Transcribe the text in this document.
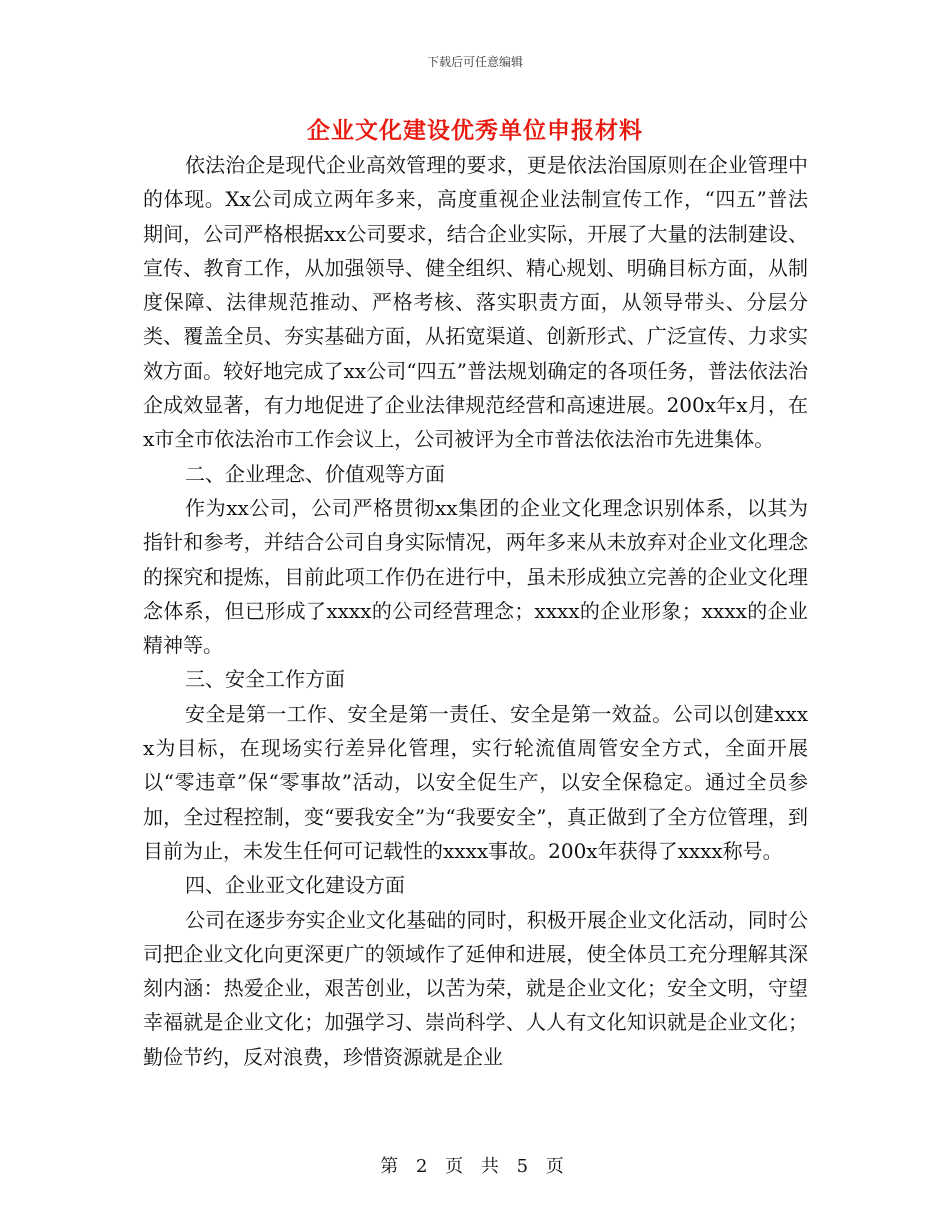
下载后可任意编辑
企业文化建设优秀单位申报材料

依法治企是现代企业高效管理的要求，更是依法治国原则在企业管理中的体现。Xx公司成立两年多来，高度重视企业法制宣传工作，“四五”普法期间，公司严格根据xx公司要求，结合企业实际，开展了大量的法制建设、宣传、教育工作，从加强领导、健全组织、精心规划、明确目标方面，从制度保障、法律规范推动、严格考核、落实职责方面，从领导带头、分层分类、覆盖全员、夯实基础方面，从拓宽渠道、创新形式、广泛宣传、力求实效方面。较好地完成了xx公司“四五”普法规划确定的各项任务，普法依法治企成效显著，有力地促进了企业法律规范经营和高速进展。200x年x月，在x市全市依法治市工作会议上，公司被评为全市普法依法治市先进集体。

二、企业理念、价值观等方面

作为xx公司，公司严格贯彻xx集团的企业文化理念识别体系，以其为指针和参考，并结合公司自身实际情况，两年多来从未放弃对企业文化理念的探究和提炼，目前此项工作仍在进行中，虽未形成独立完善的企业文化理念体系，但已形成了xxxx的公司经营理念；xxxx的企业形象；xxxx的企业精神等。

三、安全工作方面

安全是第一工作、安全是第一责任、安全是第一效益。公司以创建xxxx为目标，在现场实行差异化管理，实行轮流值周管安全方式，全面开展以“零违章”保“零事故”活动，以安全促生产，以安全保稳定。通过全员参加，全过程控制，变“要我安全”为“我要安全”，真正做到了全方位管理，到目前为止，未发生任何可记载性的xxxx事故。200x年获得了xxxx称号。

四、企业亚文化建设方面

公司在逐步夯实企业文化基础的同时，积极开展企业文化活动，同时公司把企业文化向更深更广的领域作了延伸和进展，使全体员工充分理解其深刻内涵：热爱企业，艰苦创业，以苦为荣，就是企业文化；安全文明，守望幸福就是企业文化；加强学习、崇尚科学、人人有文化知识就是企业文化；勤俭节约，反对浪费，珍惜资源就是企业

第 2 页 共 5 页
